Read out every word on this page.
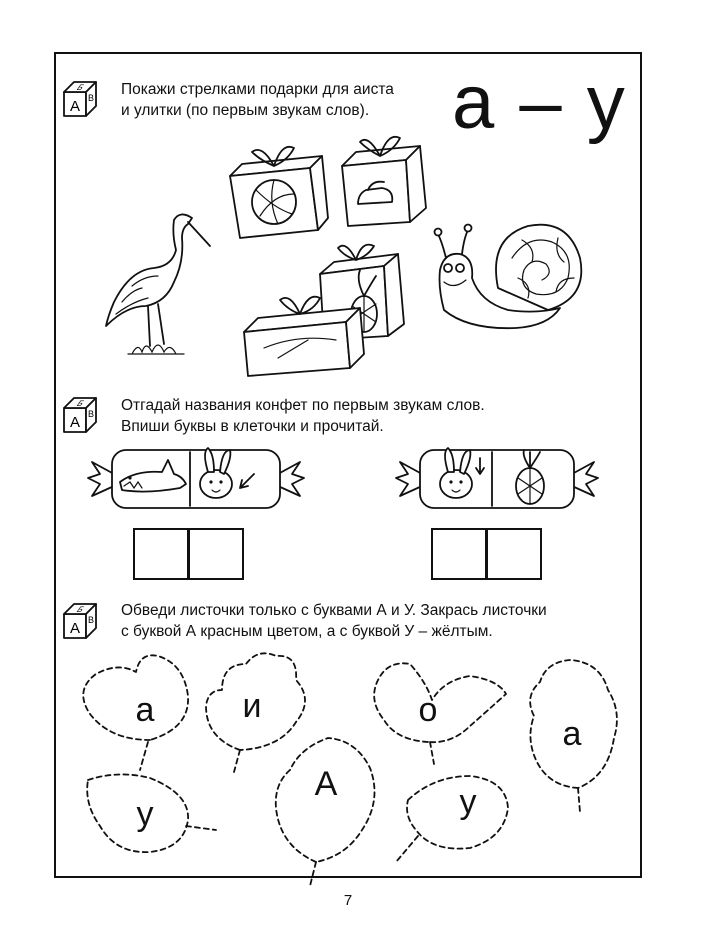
А
Б
В Покажи стрелками подарки для аиста
и улитки (по первым звукам слов).	а – у
А
Б
В Отгадай названия конфет по первым звукам слов.
Впиши буквы в клеточки и прочитай.
А
Б
В
Обведи листочки только с буквами А и У. Закрась листочки
с буквой А красным цветом, а с буквой У – жёлтым.
а	и	о
а
у
А	у
7
